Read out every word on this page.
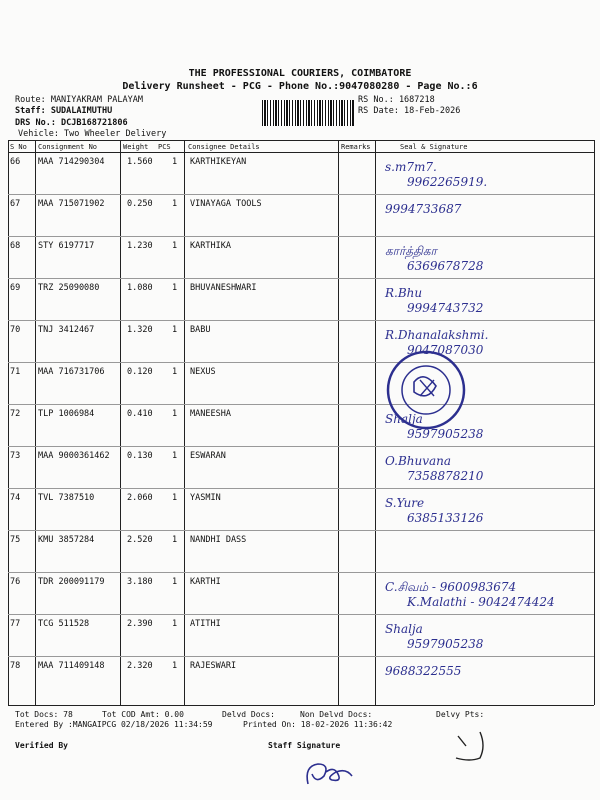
THE PROFESSIONAL COURIERS, COIMBATORE
Delivery Runsheet - PCG - Phone No.:9047080280 - Page No.:6
Route: MANIYAKRAM PALAYAM
Staff: SUDALAIMUTHU
DRS No.: DCJB168721806
Vehicle: Two Wheeler Delivery
RS No.: 1687218
RS Date: 18-Feb-2026
S No Consignment No	Weight PCS Consignee Details	Remarks	Seal & Signature
66 MAA 714290304	1.560 1 KARTHIKEYAN	s.m7m7.
9962265919.
67 MAA 715071902	0.250 1 VINAYAGA TOOLS	9994733687
68 STY 6197717	1.230 1 KARTHIKA	கார்த்திகா
6369678728
69 TRZ 25090080	1.080 1 BHUVANESHWARI	R.Bhu
9994743732
70 TNJ 3412467	1.320 1 BABU	R.Dhanalakshmi.
9047087030
71 MAA 716731706	0.120 1 NEXUS
72 TLP 1006984	0.410 1 MANEESHA	Shalja
9597905238
73 MAA 9000361462 0.130 1 ESWARAN	O.Bhuvana
7358878210
74 TVL 7387510	2.060 1 YASMIN	S.Yure
6385133126
75 KMU 3857284	2.520 1 NANDHI DASS
76 TDR 200091179	3.180 1 KARTHI	C.சிவம் - 9600983674
K.Malathi - 9042474424
77 TCG 511528	2.390 1 ATITHI	Shalja
9597905238
78 MAA 711409148	2.320 1 RAJESWARI	9688322555
Tot Docs: 78	Tot COD Amt: 0.00	Delvd Docs:	Non Delvd Docs:	Delvy Pts:
Entered By :MANGAIPCG 02/18/2026 11:34:59	Printed On: 18-02-2026 11:36:42
Verified By	Staff Signature
